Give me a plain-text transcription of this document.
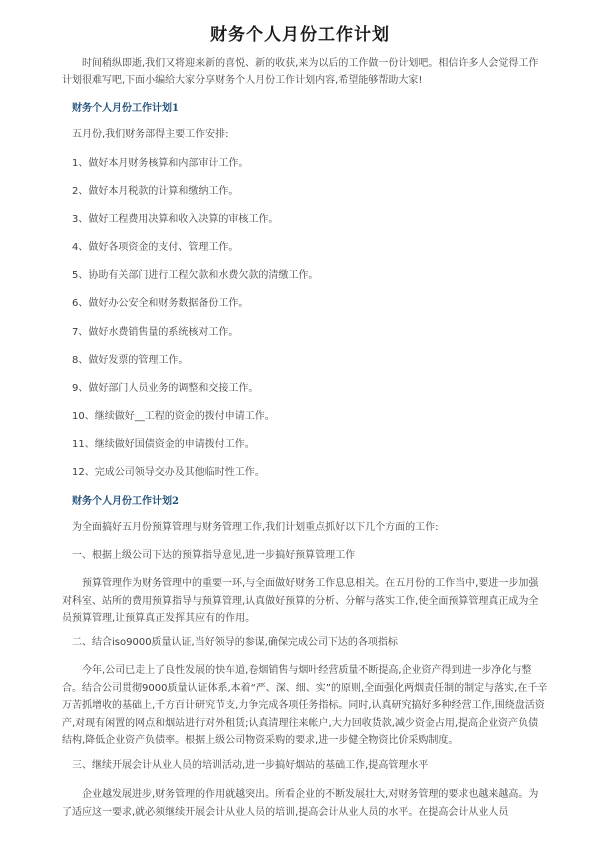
财务个人月份工作计划

时间稍纵即逝,我们又将迎来新的喜悦、新的收获,来为以后的工作做一份计划吧。相信许多人会觉得工作计划很难写吧,下面小编给大家分享财务个人月份工作计划内容,希望能够帮助大家!

财务个人月份工作计划1

五月份,我们财务部得主要工作安排:

1、做好本月财务核算和内部审计工作。

2、做好本月税款的计算和缴纳工作。

3、做好工程费用决算和收入决算的审核工作。

4、做好各项资金的支付、管理工作。

5、协助有关部门进行工程欠款和水费欠款的清缴工作。

6、做好办公安全和财务数据备份工作。

7、做好水费销售量的系统核对工作。

8、做好发票的管理工作。

9、做好部门人员业务的调整和交接工作。

10、继续做好__工程的资金的拨付申请工作。

11、继续做好国债资金的申请拨付工作。

12、完成公司领导交办及其他临时性工作。

财务个人月份工作计划2

为全面搞好五月份预算管理与财务管理工作,我们计划重点抓好以下几个方面的工作:

一、根据上级公司下达的预算指导意见,进一步搞好预算管理工作

预算管理作为财务管理中的重要一环,与全面做好财务工作息息相关。在五月份的工作当中,要进一步加强对科室、站所的费用预算指导与预算管理,认真做好预算的分析、分解与落实工作,使全面预算管理真正成为全员预算管理,让预算真正发挥其应有的作用。

二、结合iso9000质量认证,当好领导的参谋,确保完成公司下达的各项指标

今年,公司已走上了良性发展的快车道,卷烟销售与烟叶经营质量不断提高,企业资产得到进一步净化与整合。结合公司贯彻9000质量认证体系,本着“严、深、细、实”的原则,全面强化两烟责任制的制定与落实,在千辛万苦抓增收的基础上,千方百计研究节支,力争完成各项任务指标。同时,认真研究搞好多种经营工作,围绕盘活资产,对现有闲置的网点和烟站进行对外租赁;认真清理往来帐户,大力回收货款,减少资金占用,提高企业资产负债结构,降低企业资产负债率。根据上级公司物资采购的要求,进一步健全物资比价采购制度。

三、继续开展会计从业人员的培训活动,进一步搞好烟站的基础工作,提高管理水平

企业越发展进步,财务管理的作用就越突出。所看企业的不断发展壮大,对财务管理的要求也越来越高。为了适应这一要求,就必须继续开展会计从业人员的培训,提高会计从业人员的水平。在提高会计从业人员
